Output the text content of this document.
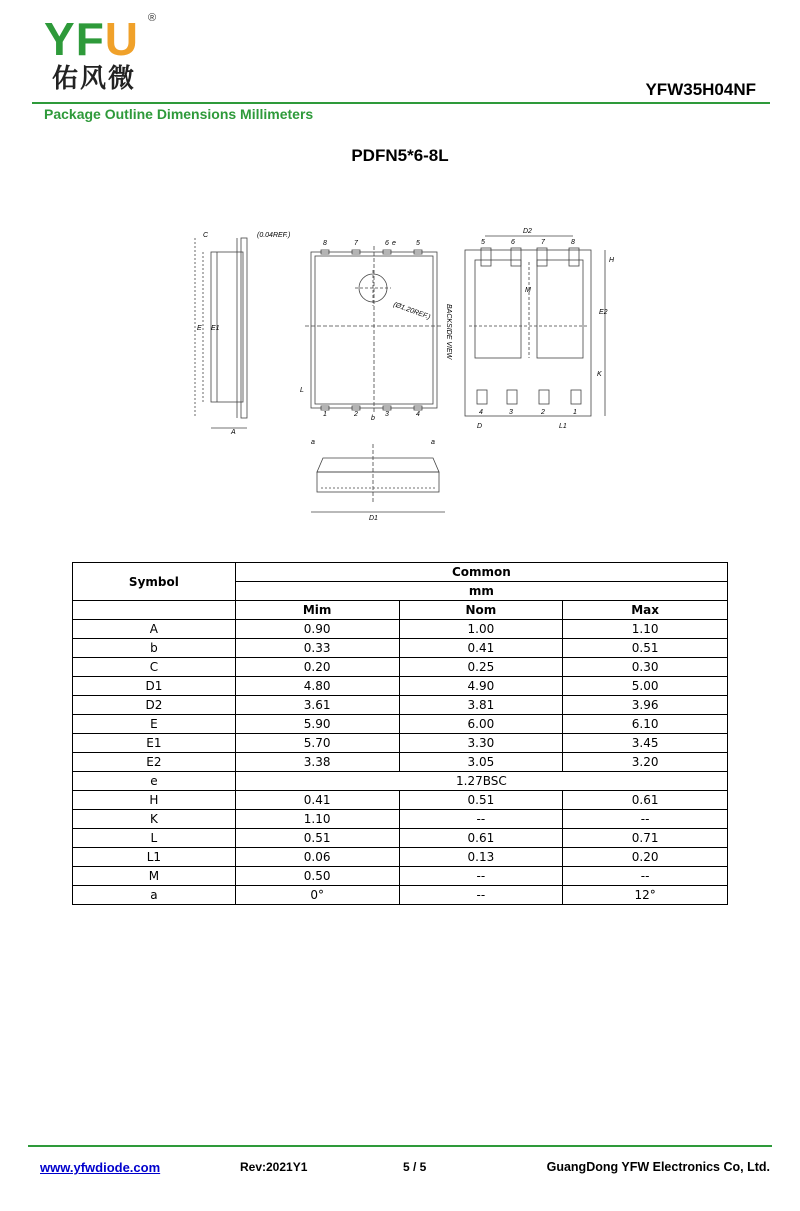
YFU ®
佑风微	YFW35H04NF
Package Outline Dimensions Millimeters
PDFN5*6-8L
C	(0.04REF.)
E E1
A
8	7	6	5
1	2	3	4
(Ø1.20REF.)
L
b
e
BACKSIDE VIEW
D2
H
M
E2
K
D	L1
5	6	7	8
4	3	2	1
a	a
D1
Symbol	Common		
	mm		
	Mim	Nom	Max
A	0.90	1.00	1.10
b	0.33	0.41	0.51
C	0.20	0.25	0.30
D1	4.80	4.90	5.00
D2	3.61	3.81	3.96
E	5.90	6.00	6.10
E1	5.70	3.30	3.45
E2	3.38	3.05	3.20
e	1.27BSC		
H	0.41	0.51	0.61
K	1.10	--	--
L	0.51	0.61	0.71
L1	0.06	0.13	0.20
M	0.50	--	--
a	0°	--	12°
www.yfwdiode.com	Rev:2021Y1	5 / 5	GuangDong YFW Electronics Co, Ltd.
